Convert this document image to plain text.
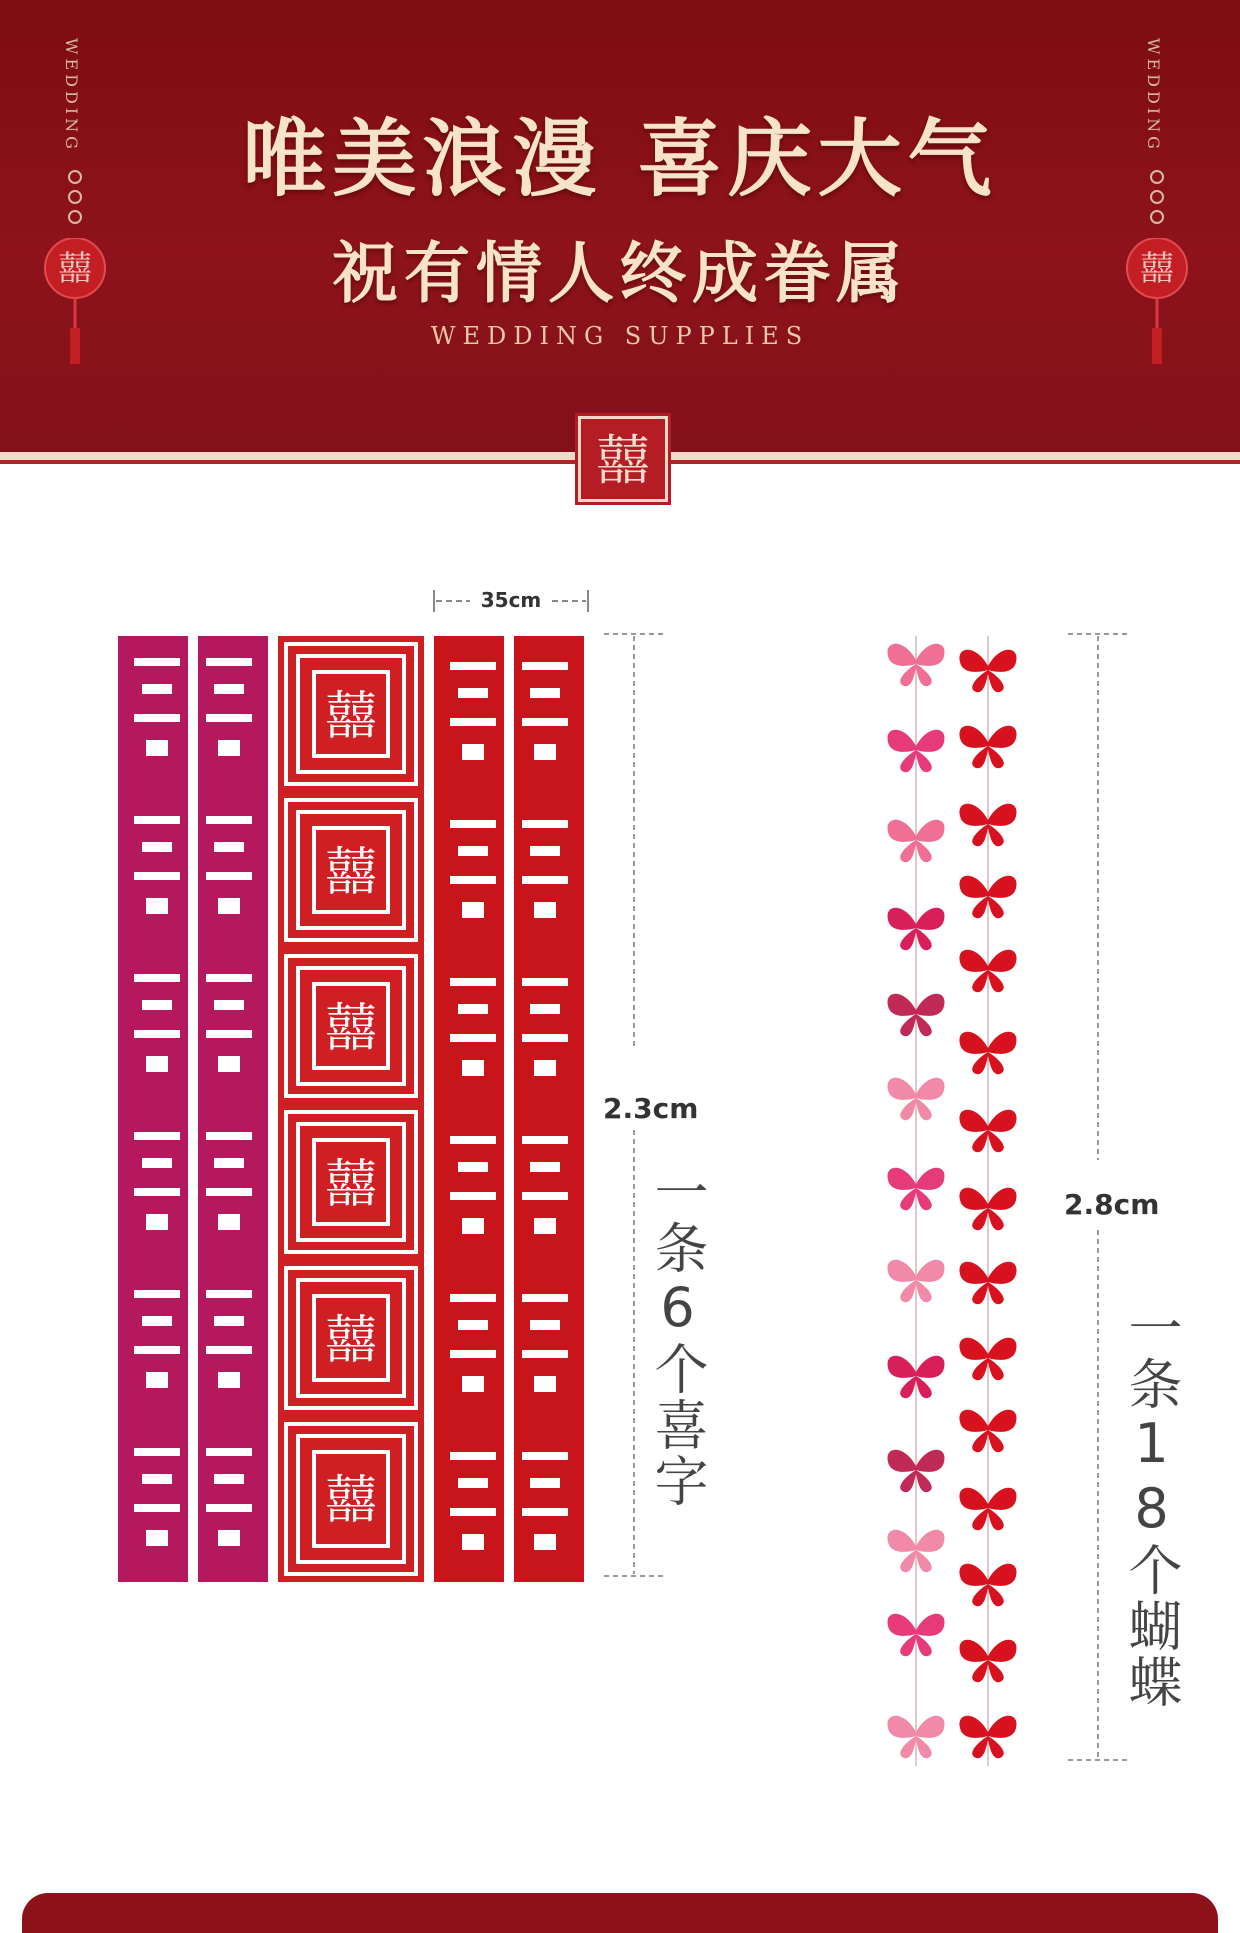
WEDDING
囍
WEDDING
囍
唯美浪漫 喜庆大气
祝有情人终成眷属
WEDDING SUPPLIES
囍
35cm
囍
囍
囍
囍
囍
囍
2.3cm
一条6个喜字	2.8cm
一条18个蝴蝶
